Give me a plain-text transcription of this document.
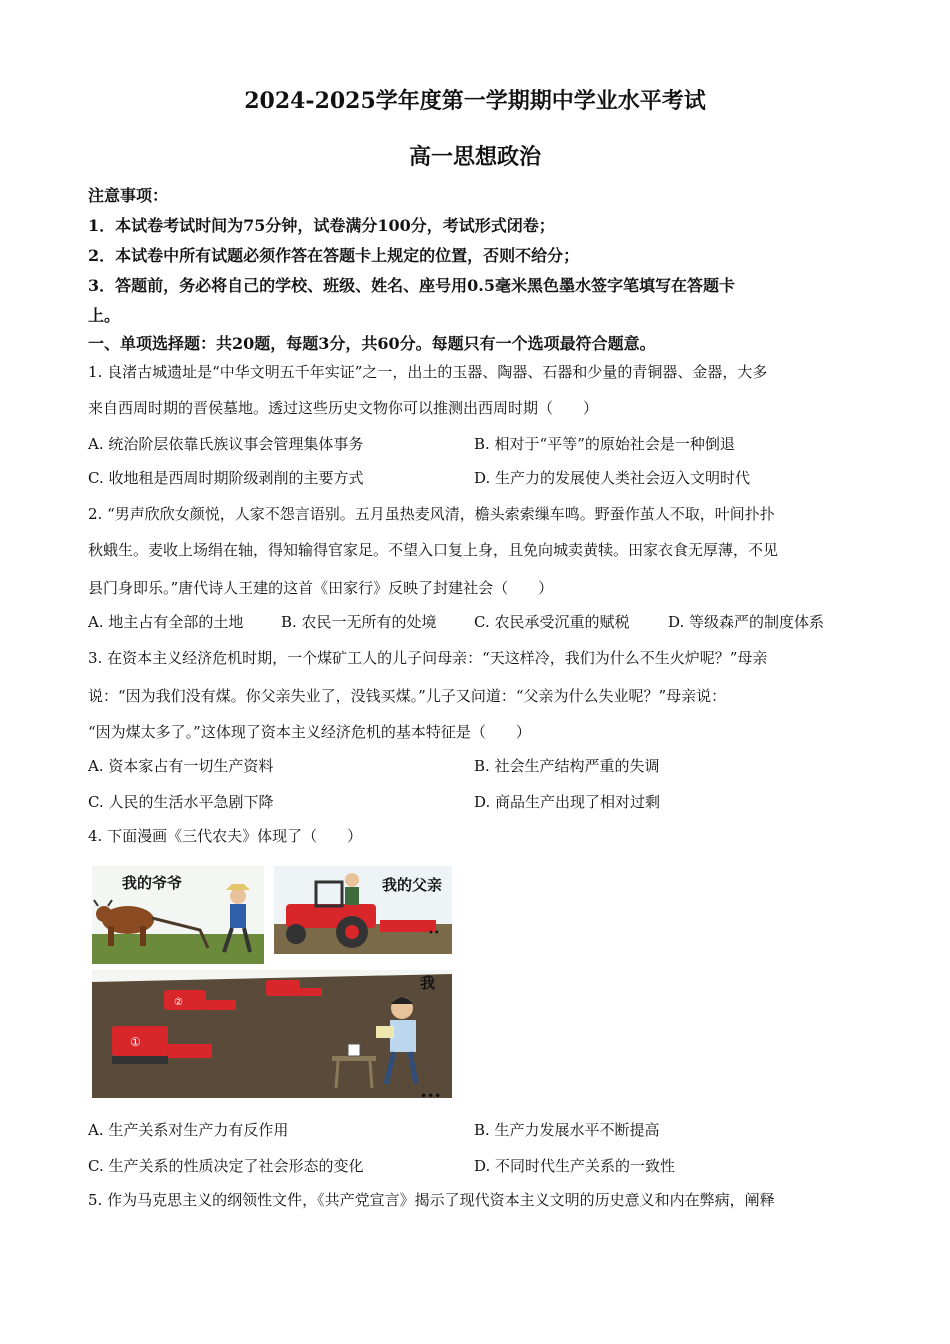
2024-2025学年度第一学期期中学业水平考试
高一思想政治
注意事项：
1．本试卷考试时间为75分钟，试卷满分100分，考试形式闭卷；
2．本试卷中所有试题必须作答在答题卡上规定的位置，否则不给分；
3．答题前，务必将自己的学校、班级、姓名、座号用0.5毫米黑色墨水签字笔填写在答题卡
上。
一、单项选择题：共20题，每题3分，共60分。每题只有一个选项最符合题意。
1. 良渚古城遗址是“中华文明五千年实证”之一，出土的玉器、陶器、石器和少量的青铜器、金器，大多
来自西周时期的晋侯墓地。透过这些历史文物你可以推测出西周时期（　　）
A. 统治阶层依靠氏族议事会管理集体事务	B. 相对于“平等”的原始社会是一种倒退
C. 收地租是西周时期阶级剥削的主要方式	D. 生产力的发展使人类社会迈入文明时代
2. “男声欣欣女颜悦，人家不怨言语别。五月虽热麦风清，檐头索索缫车鸣。野蚕作茧人不取，叶间扑扑
秋蛾生。麦收上场绢在轴，得知输得官家足。不望入口复上身，且免向城卖黄犊。田家衣食无厚薄，不见
县门身即乐。”唐代诗人王建的这首《田家行》反映了封建社会（　　）
A. 地主占有全部的土地	B. 农民一无所有的处境 C. 农民承受沉重的赋税	D. 等级森严的制度体系
3. 在资本主义经济危机时期，一个煤矿工人的儿子问母亲：“天这样冷，我们为什么不生火炉呢？”母亲
说：“因为我们没有煤。你父亲失业了，没钱买煤。”儿子又问道：“父亲为什么失业呢？”母亲说：
“因为煤太多了。”这体现了资本主义经济危机的基本特征是（　　）
A. 资本家占有一切生产资料	B. 社会生产结构严重的失调
C. 人民的生活水平急剧下降	D. 商品生产出现了相对过剩
4. 下面漫画《三代农夫》体现了（　　）
我的爷爷	我的父亲
••
①
②
我
•••
A. 生产关系对生产力有反作用	B. 生产力发展水平不断提高
C. 生产关系的性质决定了社会形态的变化	D. 不同时代生产关系的一致性
5. 作为马克思主义的纲领性文件，《共产党宣言》揭示了现代资本主义文明的历史意义和内在弊病，阐释
